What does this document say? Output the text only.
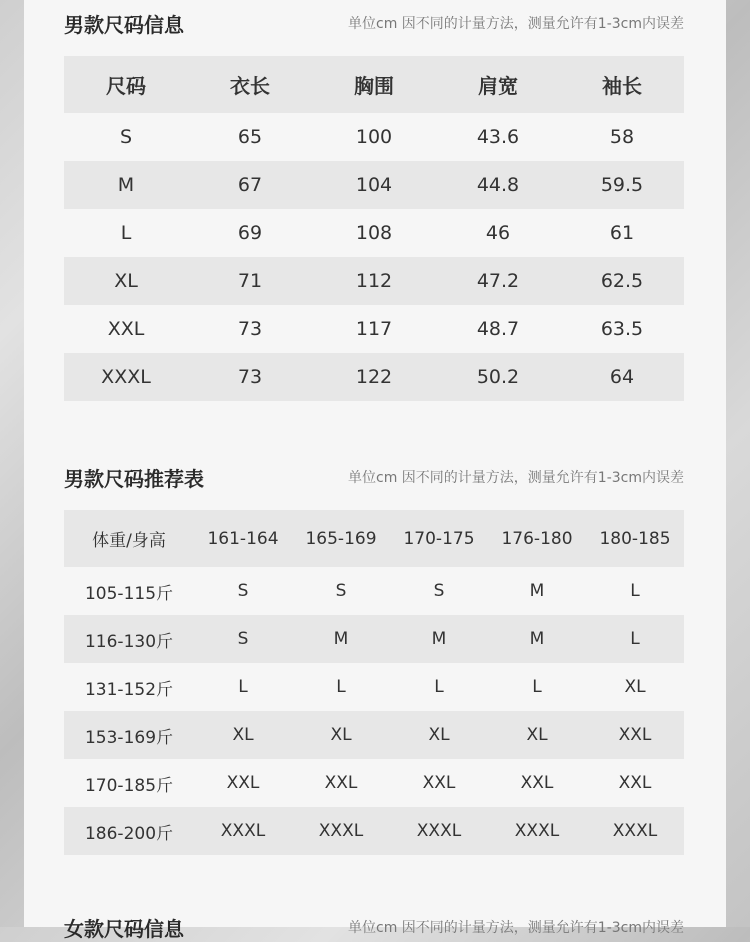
男款尺码信息	单位cm 因不同的计量方法，测量允许有1-3cm内误差
尺码	衣长	胸围	肩宽	袖长
S	65	100	43.6	58
M	67	104	44.8	59.5
L	69	108	46	61
XL	71	112	47.2	62.5
XXL	73	117	48.7	63.5
XXXL	73	122	50.2	64
男款尺码推荐表	单位cm 因不同的计量方法，测量允许有1-3cm内误差
体重/身高	161-164	165-169	170-175	176-180	180-185
105-115斤	S	S	S	M	L
116-130斤	S	M	M	M	L
131-152斤	L	L	L	L	XL
153-169斤	XL	XL	XL	XL	XXL
170-185斤	XXL	XXL	XXL	XXL	XXL
186-200斤	XXXL	XXXL	XXXL	XXXL	XXXL
女款尺码信息	单位cm 因不同的计量方法，测量允许有1-3cm内误差
